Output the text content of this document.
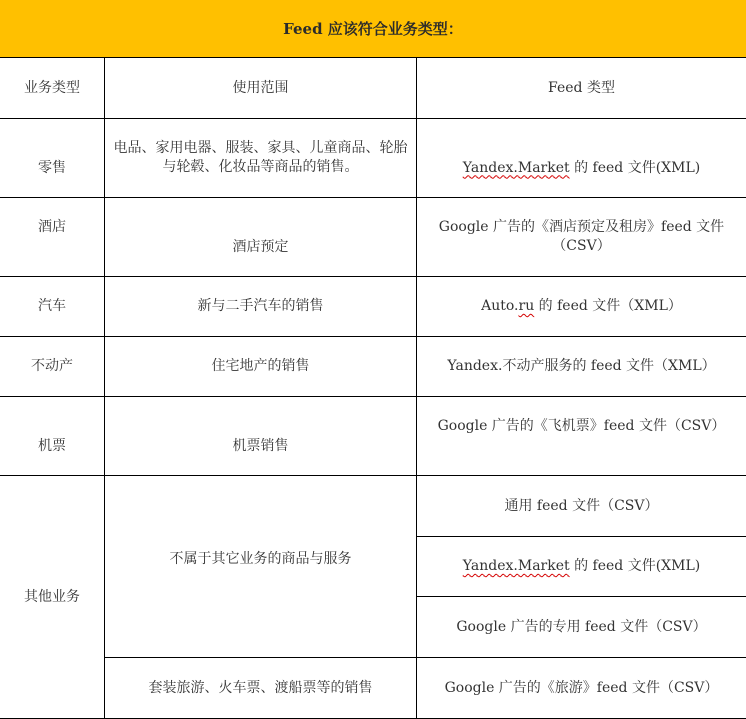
Feed 应该符合业务类型：
业务类型	使用范围	Feed 类型
零售	电品、家用电器、服装、家具、儿童商品、轮胎与轮毂、化妆品等商品的销售。	Yandex.Market 的 feed 文件(XML)
酒店	酒店预定	Google 广告的《酒店预定及租房》feed 文件（CSV）
汽车	新与二手汽车的销售	Auto.ru 的 feed 文件（XML）
不动产	住宅地产的销售	Yandex.不动产服务的 feed 文件（XML）
机票	机票销售	Google 广告的《飞机票》feed 文件（CSV）
其他业务	不属于其它业务的商品与服务	通用 feed 文件（CSV）
		Yandex.Market 的 feed 文件(XML)
		Google 广告的专用 feed 文件（CSV）
	套装旅游、火车票、渡船票等的销售	Google 广告的《旅游》feed 文件（CSV）
